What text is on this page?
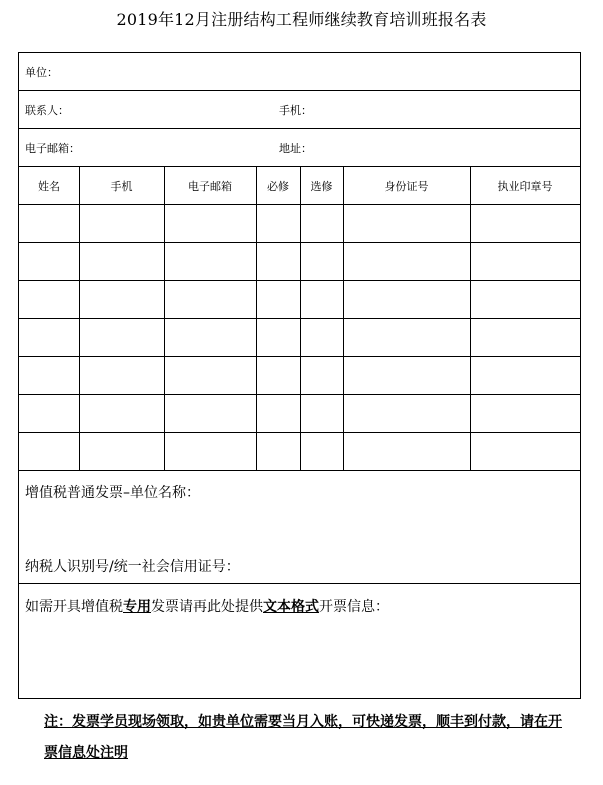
2019年12月注册结构工程师继续教育培训班报名表
单位：
联系人：	手机：
电子邮箱：	地址：
姓名	手机	电子邮箱	必修	选修	身份证号	执业印章号
增值税普通发票–单位名称：
纳税人识别号/统一社会信用证号：
如需开具增值税专用发票请再此处提供文本格式开票信息：
注：发票学员现场领取，如贵单位需要当月入账，可快递发票，顺丰到付款，请在开票信息处注明
